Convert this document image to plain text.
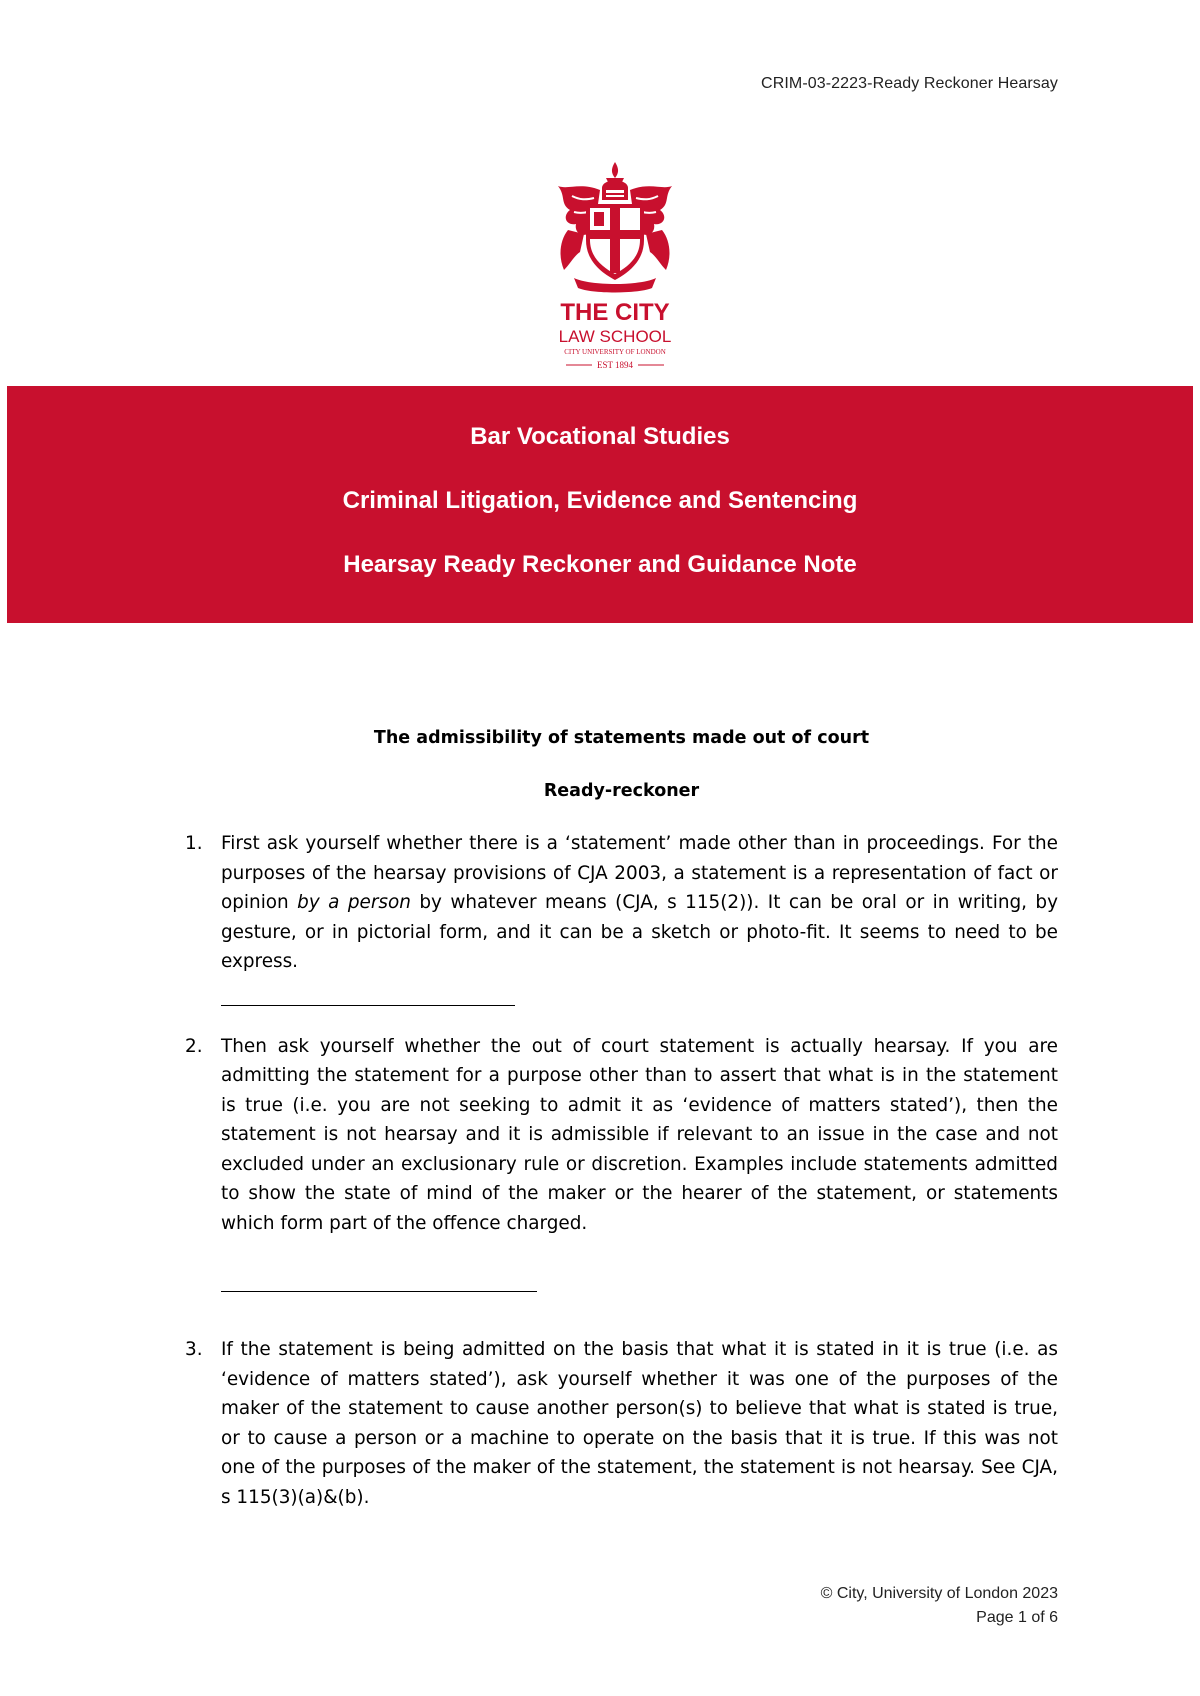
CRIM-03-2223-Ready Reckoner Hearsay
THE CITY
LAW SCHOOL
CITY UNIVERSITY OF LONDON
EST 1894
Bar Vocational Studies
Criminal Litigation, Evidence and Sentencing
Hearsay Ready Reckoner and Guidance Note

The admissibility of statements made out of court

Ready-reckoner

1. First ask yourself whether there is a ‘statement’ made other than in proceedings. For the purposes of the hearsay provisions of CJA 2003, a statement is a representation of fact or opinion by a person by whatever means (CJA, s 115(2)). It can be oral or in writing, by gesture, or in pictorial form, and it can be a sketch or photo-fit. It seems to need to be express.
2. Then ask yourself whether the out of court statement is actually hearsay. If you are admitting the statement for a purpose other than to assert that what is in the statement is true (i.e. you are not seeking to admit it as ‘evidence of matters stated’), then the statement is not hearsay and it is admissible if relevant to an issue in the case and not excluded under an exclusionary rule or discretion. Examples include statements admitted to show the state of mind of the maker or the hearer of the statement, or statements which form part of the offence charged.
3. If the statement is being admitted on the basis that what it is stated in it is true (i.e. as ‘evidence of matters stated’), ask yourself whether it was one of the purposes of the maker of the statement to cause another person(s) to believe that what is stated is true, or to cause a person or a machine to operate on the basis that it is true. If this was not one of the purposes of the maker of the statement, the statement is not hearsay. See CJA, s 115(3)(a)&(b).
© City, University of London 2023
Page 1 of 6
